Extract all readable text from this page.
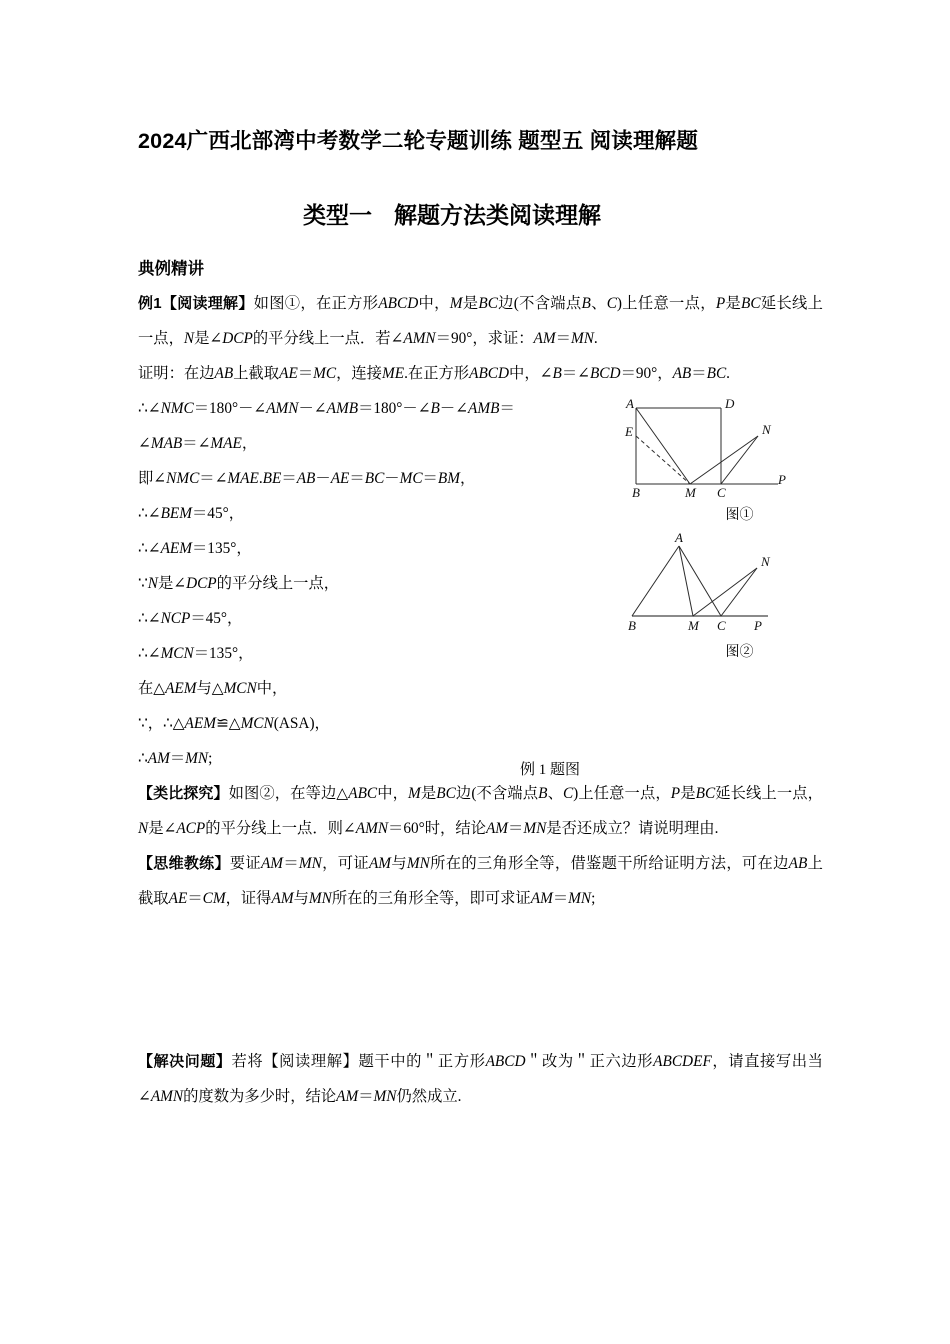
2024广西北部湾中考数学二轮专题训练 题型五 阅读理解题
类型一 解题方法类阅读理解
典例精讲

例1【阅读理解】如图①，在正方形ABCD中，M是BC边(不含端点B、C)上任意一点，P是BC延长线上一点，N是∠DCP的平分线上一点．若∠AMN＝90°，求证：AM＝MN.

证明：在边AB上截取AE＝MC，连接ME.在正方形ABCD中，∠B＝∠BCD＝90°，AB＝BC.
∴∠NMC＝180°－∠AMN－∠AMB＝180°－∠B－∠AMB＝
∠MAB＝∠MAE，
即∠NMC＝∠MAE.BE＝AB－AE＝BC－MC＝BM，
∴∠BEM＝45°，
∴∠AEM＝135°，
∵N是∠DCP的平分线上一点，
∴∠NCP＝45°，
∴∠MCN＝135°，
在△AEM与△MCN中，
∵，∴△AEM≌△MCN(ASA)，
∴AM＝MN;

【类比探究】如图②，在等边△ABC中，M是BC边(不含端点B、C)上任意一点，P是BC延长线上一点，N是∠ACP的平分线上一点．则∠AMN＝60°时，结论AM＝MN是否还成立？请说明理由.

【思维教练】要证AM＝MN，可证AM与MN所在的三角形全等，借鉴题干所给证明方法，可在边AB上截取AE＝CM，证得AM与MN所在的三角形全等，即可求证AM＝MN;

【解决问题】若将【阅读理解】题干中的＂正方形ABCD＂改为＂正六边形ABCDEF，请直接写出当∠AMN的度数为多少时，结论AM＝MN仍然成立.

例 1 题图
A	D
E	N
B	M C
P
图①
A
N
B	M C P
图②
